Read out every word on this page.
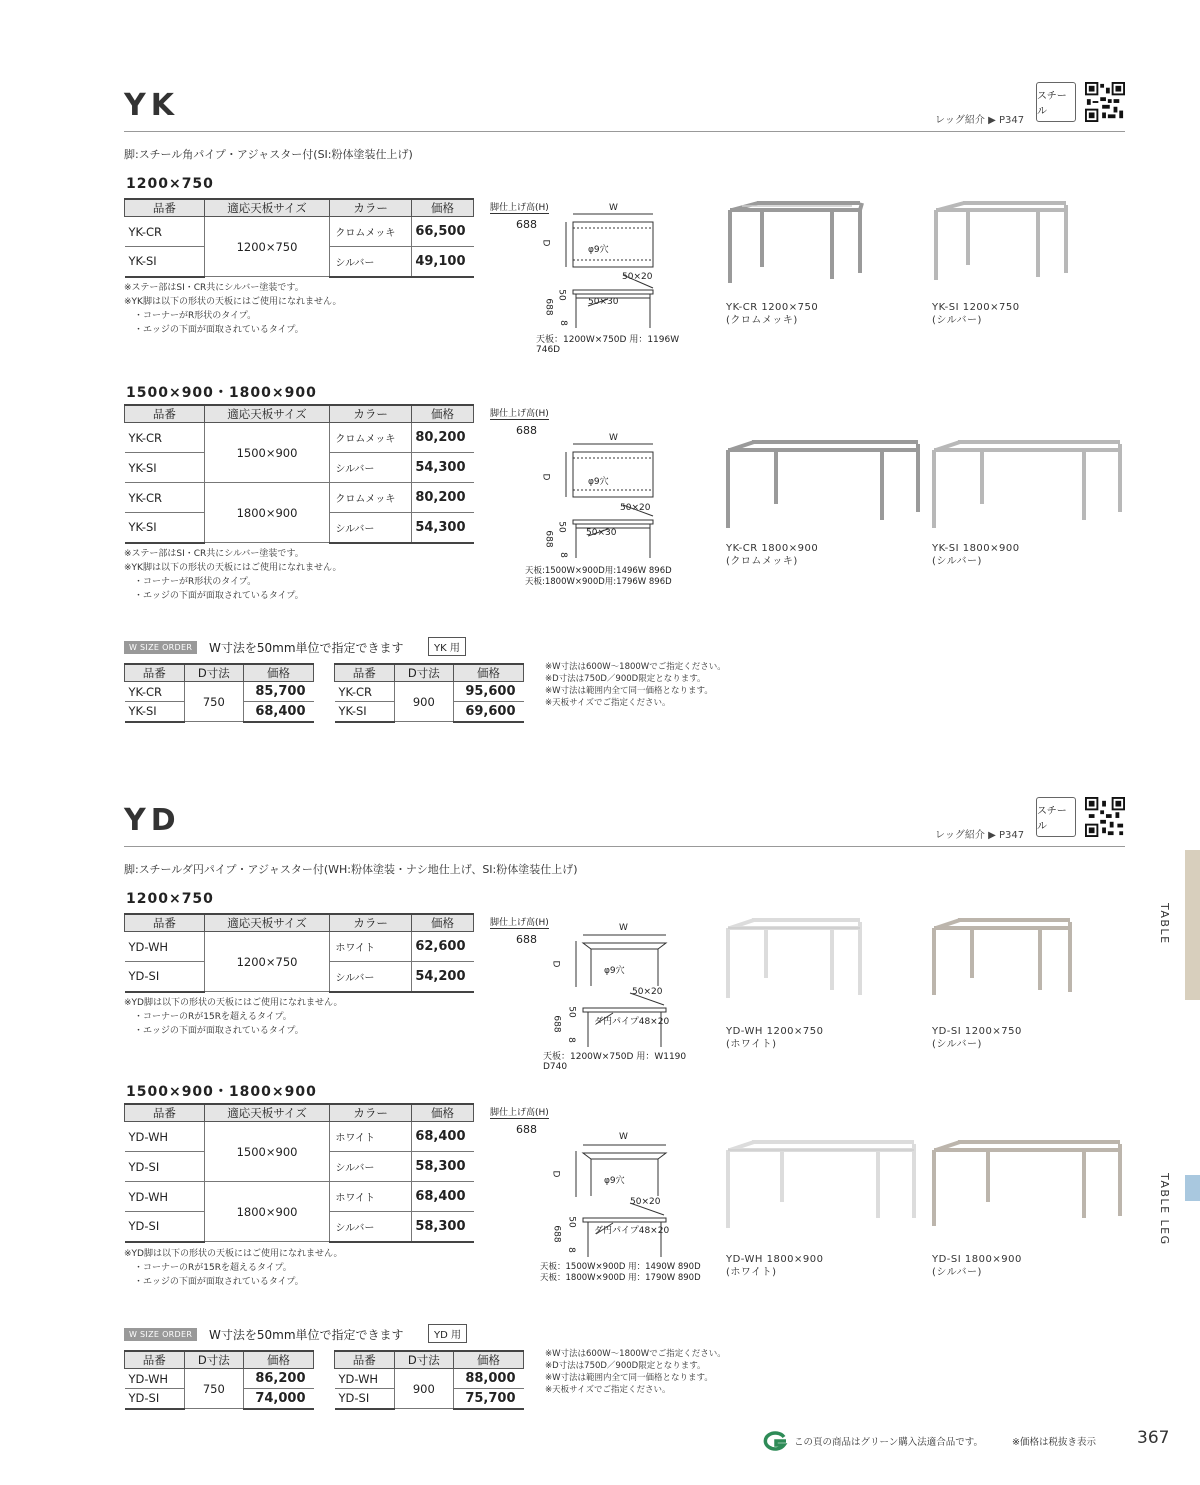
YK	レッグ紹介 ▶ P347
スチール
脚:スチール角パイプ・アジャスター付(SI:粉体塗装仕上げ)
1200×750
品番	適応天板サイズ	カラー	価格
YK-CR	1200×750	クロムメッキ	66,500
YK-SI		シルバー	49,100
※ステー部はSI・CR共にシルバー塗装です。
※YK脚は以下の形状の天板にはご使用になれません。
・コーナーがR形状のタイプ。
・エッジの下面が面取されているタイプ。
脚仕上げ高(H)
688
W
D
φ9穴
50×20
50×30
50
688
8
天板：1200W×750D 用：1196W 746D
YK-CR 1200×750
(クロムメッキ)
YK-SI 1200×750
(シルバー)
1500×900・1800×900
品番	適応天板サイズ	カラー	価格
YK-CR	1500×900	クロムメッキ	80,200
YK-SI		シルバー	54,300
YK-CR	1800×900	クロムメッキ	80,200
YK-SI		シルバー	54,300
※ステー部はSI・CR共にシルバー塗装です。
※YK脚は以下の形状の天板にはご使用になれません。
・コーナーがR形状のタイプ。
・エッジの下面が面取されているタイプ。
脚仕上げ高(H)
688
W
D	φ9穴
50×20
50×30
50
688
8
天板:1500W×900D用:1496W 896D
天板:1800W×900D用:1796W 896D
YK-CR 1800×900
(クロムメッキ)
YK-SI 1800×900
(シルバー)
W SIZE ORDER	W寸法を50mm単位で指定できます	YK 用
品番	D寸法	価格
YK-CR	750	85,700
YK-SI		68,400
品番	D寸法	価格
YK-CR	900	95,600
YK-SI		69,600
※W寸法は600W〜1800Wでご指定ください。
※D寸法は750D／900D限定となります。
※W寸法は範囲内全て同一価格となります。
※天板サイズでご指定ください。
YD	レッグ紹介 ▶ P347
スチール
脚:スチールダ円パイプ・アジャスター付(WH:粉体塗装・ナシ地仕上げ、SI:粉体塗装仕上げ)
1200×750
品番	適応天板サイズ	カラー	価格
YD-WH	1200×750	ホワイト	62,600
YD-SI		シルバー	54,200
※YD脚は以下の形状の天板にはご使用になれません。
・コーナーのRが15Rを超えるタイプ。
・エッジの下面が面取されているタイプ。
脚仕上げ高(H)
688
W
D
φ9穴
50×20
ダ円パイプ48×20
50
688
8
天板：1200W×750D 用：W1190 D740
YD-WH 1200×750
(ホワイト)
YD-SI 1200×750
(シルバー)
1500×900・1800×900
品番	適応天板サイズ	カラー	価格
YD-WH	1500×900	ホワイト	68,400
YD-SI		シルバー	58,300
YD-WH	1800×900	ホワイト	68,400
YD-SI		シルバー	58,300
※YD脚は以下の形状の天板にはご使用になれません。
・コーナーのRが15Rを超えるタイプ。
・エッジの下面が面取されているタイプ。
脚仕上げ高(H)
688
W
D
φ9穴
50×20
ダ円パイプ48×20
50
688
8
天板：1500W×900D 用：1490W 890D
天板：1800W×900D 用：1790W 890D
YD-WH 1800×900
(ホワイト)
YD-SI 1800×900
(シルバー)
W SIZE ORDER	W寸法を50mm単位で指定できます	YD 用
品番	D寸法	価格
YD-WH	750	86,200
YD-SI		74,000
品番	D寸法	価格
YD-WH	900	88,000
YD-SI		75,700
※W寸法は600W〜1800Wでご指定ください。
※D寸法は750D／900D限定となります。
※W寸法は範囲内全て同一価格となります。
※天板サイズでご指定ください。
TABLE
TABLE LEG
この頁の商品はグリーン購入法適合品です。	※価格は税抜き表示 367
